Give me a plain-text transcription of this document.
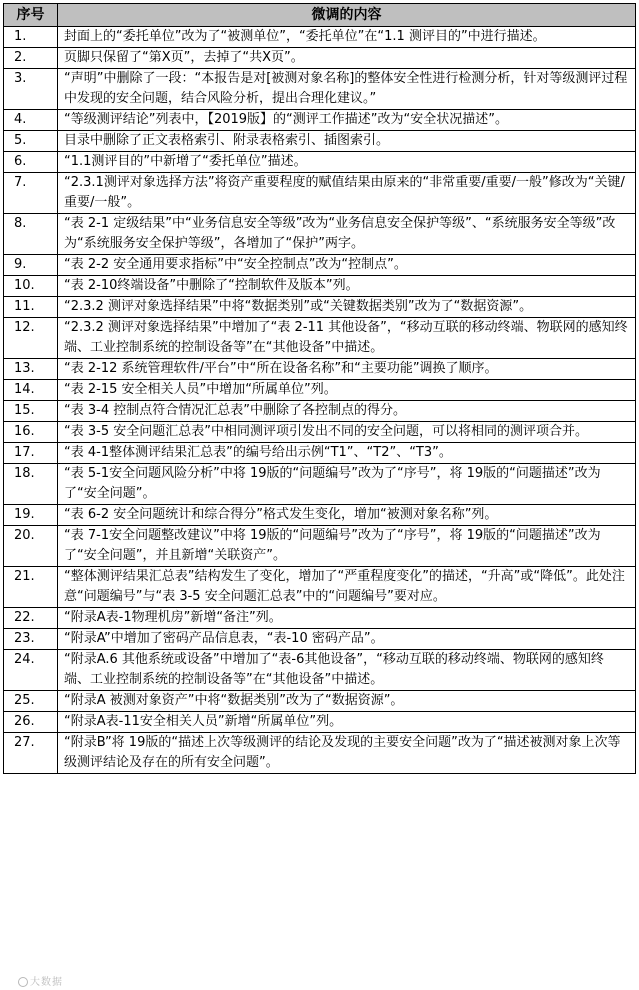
序号	微调的内容
1.	封面上的“委托单位”改为了“被测单位”，“委托单位”在“1.1 测评目的”中进行描述。
2.	页脚只保留了“第X页”，去掉了“共X页”。
3.	“声明”中删除了一段：“本报告是对[被测对象名称]的整体安全性进行检测分析，针对等级测评过程中发现的安全问题，结合风险分析，提出合理化建议。”
4.	“等级测评结论”列表中，【2019版】的“测评工作描述”改为“安全状况描述”。
5.	目录中删除了正文表格索引、附录表格索引、插图索引。
6.	“1.1测评目的”中新增了“委托单位”描述。
7.	“2.3.1测评对象选择方法”将资产重要程度的赋值结果由原来的“非常重要/重要/一般”修改为“关键/重要/一般”。
8.	“表 2-1 定级结果”中“业务信息安全等级”改为“业务信息安全保护等级”、“系统服务安全等级”改为“系统服务安全保护等级”，各增加了“保护”两字。
9.	“表 2-2 安全通用要求指标”中“安全控制点”改为“控制点”。
10.	“表 2-10终端设备”中删除了“控制软件及版本”列。
11.	“2.3.2 测评对象选择结果”中将“数据类别”或“关键数据类别”改为了“数据资源”。
12.	“2.3.2 测评对象选择结果”中增加了“表 2-11 其他设备”，“移动互联的移动终端、物联网的感知终端、工业控制系统的控制设备等”在“其他设备”中描述。
13.	“表 2-12 系统管理软件/平台”中“所在设备名称”和“主要功能”调换了顺序。
14.	“表 2-15 安全相关人员”中增加“所属单位”列。
15.	“表 3-4 控制点符合情况汇总表”中删除了各控制点的得分。
16.	“表 3-5 安全问题汇总表”中相同测评项引发出不同的安全问题，可以将相同的测评项合并。
17.	“表 4-1整体测评结果汇总表”的编号给出示例“T1”、“T2”、“T3”。
18.	“表 5-1安全问题风险分析”中将 19版的“问题编号”改为了“序号”，将 19版的“问题描述”改为了“安全问题”。
19.	“表 6-2 安全问题统计和综合得分”格式发生变化，增加“被测对象名称”列。
20.	“表 7-1安全问题整改建议”中将 19版的“问题编号”改为了“序号”，将 19版的“问题描述”改为了“安全问题”，并且新增“关联资产”。
21.	“整体测评结果汇总表”结构发生了变化，增加了“严重程度变化”的描述，“升高”或“降低”。此处注意“问题编号”与“表 3-5 安全问题汇总表”中的“问题编号”要对应。
22.	“附录A表-1物理机房”新增“备注”列。
23.	“附录A”中增加了密码产品信息表，“表-10 密码产品”。
24.	“附录A.6 其他系统或设备”中增加了“表-6其他设备”，“移动互联的移动终端、物联网的感知终端、工业控制系统的控制设备等”在“其他设备”中描述。
25.	“附录A 被测对象资产”中将“数据类别”改为了“数据资源”。
26.	“附录A表-11安全相关人员”新增“所属单位”列。
27.	“附录B”将 19版的“描述上次等级测评的结论及发现的主要安全问题”改为了“描述被测对象上次等级测评结论及存在的所有安全问题”。
大数据
